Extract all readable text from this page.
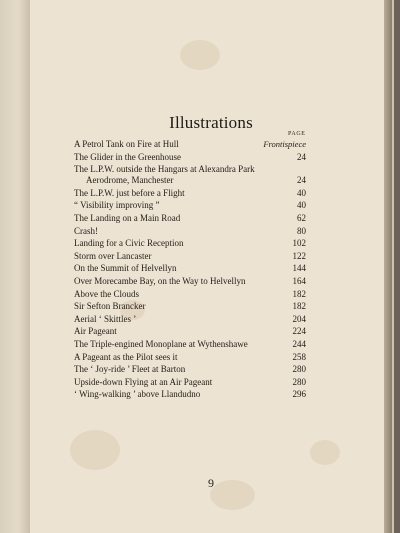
Illustrations
PAGE
A Petrol Tank on Fire at Hull	Frontispiece
The Glider in the Greenhouse	24
The L.P.W. outside the Hangars at Alexandra Park
Aerodrome, Manchester	24
The L.P.W. just before a Flight	40
“ Visibility improving ”	40
The Landing on a Main Road	62
Crash!	80
Landing for a Civic Reception	102
Storm over Lancaster	122
On the Summit of Helvellyn	144
Over Morecambe Bay, on the Way to Helvellyn	164
Above the Clouds	182
Sir Sefton Brancker	182
Aerial ‘ Skittles ’	204
Air Pageant	224
The Triple-engined Monoplane at Wythenshawe	244
A Pageant as the Pilot sees it	258
The ‘ Joy-ride ’ Fleet at Barton	280
Upside-down Flying at an Air Pageant	280
‘ Wing-walking ’ above Llandudno	296
9
